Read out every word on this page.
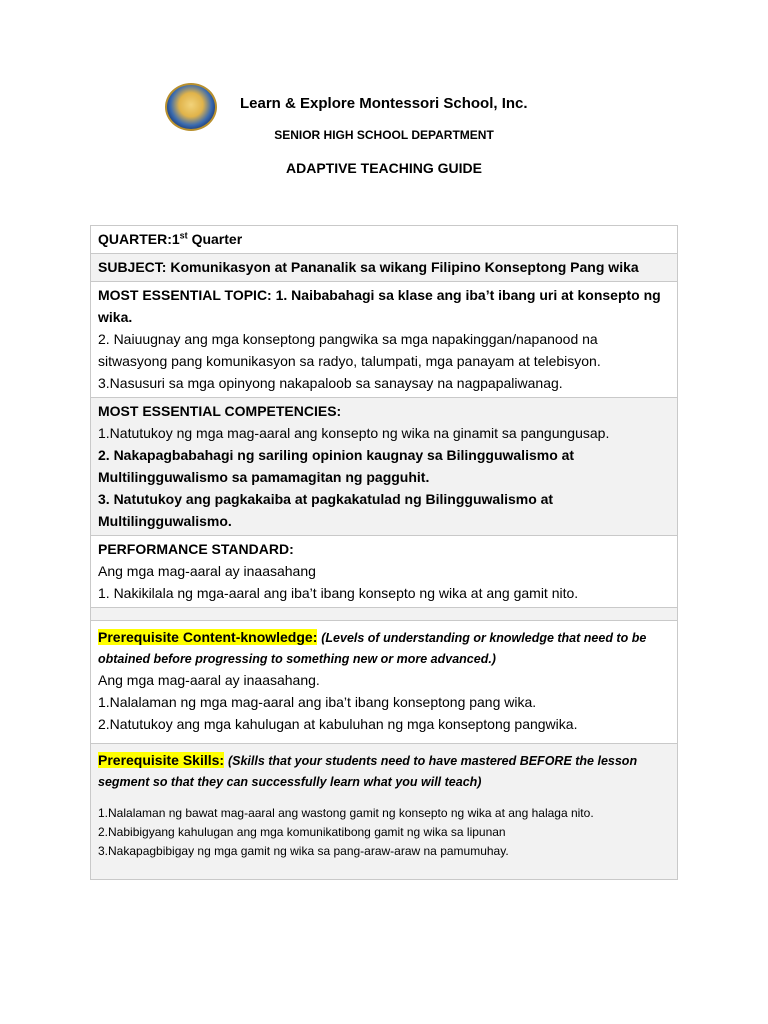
Learn & Explore Montessori School, Inc.
SENIOR HIGH SCHOOL DEPARTMENT
ADAPTIVE TEACHING GUIDE
QUARTER:1st Quarter

SUBJECT: Komunikasyon at Pananalik sa wikang Filipino Konseptong Pang wika

MOST ESSENTIAL TOPIC: 1. Naibabahagi sa klase ang iba’t ibang uri at konsepto ng wika.

2. Naiuugnay ang mga konseptong pangwika sa mga napakinggan/napanood na sitwasyong pang komunikasyon sa radyo, talumpati, mga panayam at telebisyon.

3.Nasusuri sa mga opinyong nakapaloob sa sanaysay na nagpapaliwanag.

MOST ESSENTIAL COMPETENCIES:

1.Natutukoy ng mga mag-aaral ang konsepto ng wika na ginamit sa pangungusap.

2. Nakapagbabahagi ng sariling opinion kaugnay sa Bilingguwalismo at Multilingguwalismo sa pamamagitan ng pagguhit.

3. Natutukoy ang pagkakaiba at pagkakatulad ng Bilingguwalismo at Multilingguwalismo.

PERFORMANCE STANDARD:

Ang mga mag-aaral ay inaasahang

1. Nakikilala ng mga-aaral ang iba’t ibang konsepto ng wika at ang gamit nito.

Prerequisite Content-knowledge: (Levels of understanding or knowledge that need to be obtained before progressing to something new or more advanced.)

Ang mga mag-aaral ay inaasahang.

1.Nalalaman ng mga mag-aaral ang iba’t ibang konseptong pang wika.

2.Natutukoy ang mga kahulugan at kabuluhan ng mga konseptong pangwika.

Prerequisite Skills: (Skills that your students need to have mastered BEFORE the lesson segment so that they can successfully learn what you will teach)

1.Nalalaman ng bawat mag-aaral ang wastong gamit ng konsepto ng wika at ang halaga nito.

2.Nabibigyang kahulugan ang mga komunikatibong gamit ng wika sa lipunan

3.Nakapagbibigay ng mga gamit ng wika sa pang-araw-araw na pamumuhay.
